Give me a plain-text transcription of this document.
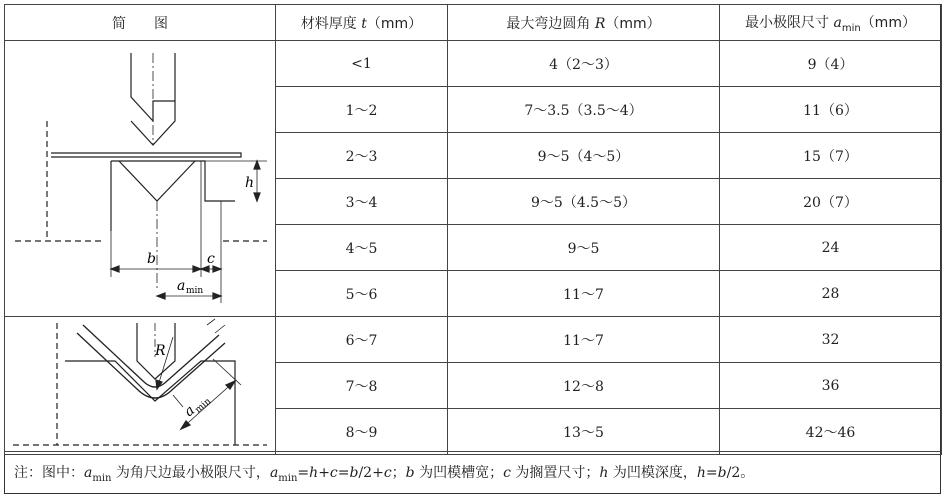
简　　图	材料厚度 t（mm）	最大弯边圆角 R（mm）	最小极限尺寸 $a_{min}(mm)$

h
b c
a min	<1	4（2～3）	9（4）
	1～2	7～3.5（3.5～4）	11（6）
	2～3	9～5（4～5）	15（7）
	3～4	9～5（4.5～5）	20（7）
	4～5	9～5	24
	5～6	11～7	28

R
a
min	6～7	11～7	32
	7～8	12～8	36
	8～9	13～5	42～46
注：图中：$a_{min}$ 为角尺边最小极限尺寸，$a_{min}=h+c=b/2+c$；b 为凹模槽宽；c 为搁置尺寸；h 为凹模深度，h=b/2。
